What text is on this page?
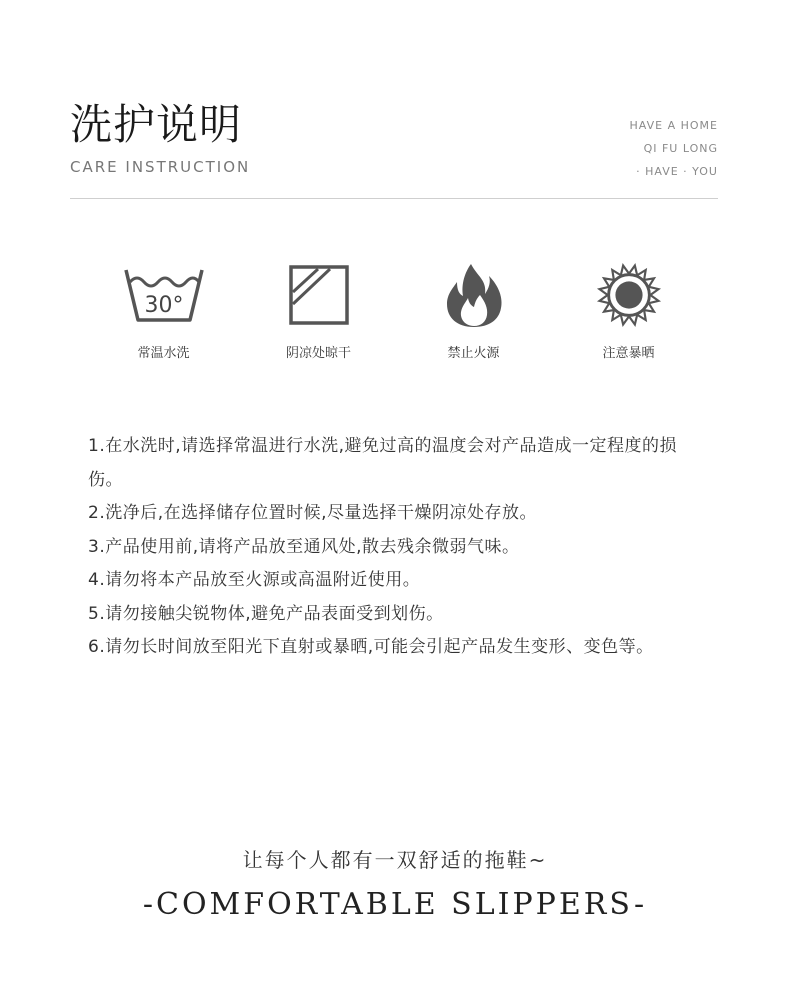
洗护说明
CARE INSTRUCTION
HAVE A HOME
QI FU LONG
· HAVE · YOU
30°
常温水洗	阴凉处晾干	禁止火源	注意暴晒

1.在水洗时,请选择常温进行水洗,避免过高的温度会对产品造成一定程度的损伤。

2.洗净后,在选择储存位置时候,尽量选择干燥阴凉处存放。

3.产品使用前,请将产品放至通风处,散去残余微弱气味。

4.请勿将本产品放至火源或高温附近使用。

5.请勿接触尖锐物体,避免产品表面受到划伤。

6.请勿长时间放至阳光下直射或暴晒,可能会引起产品发生变形、变色等。

让每个人都有一双舒适的拖鞋~
-COMFORTABLE SLIPPERS-
